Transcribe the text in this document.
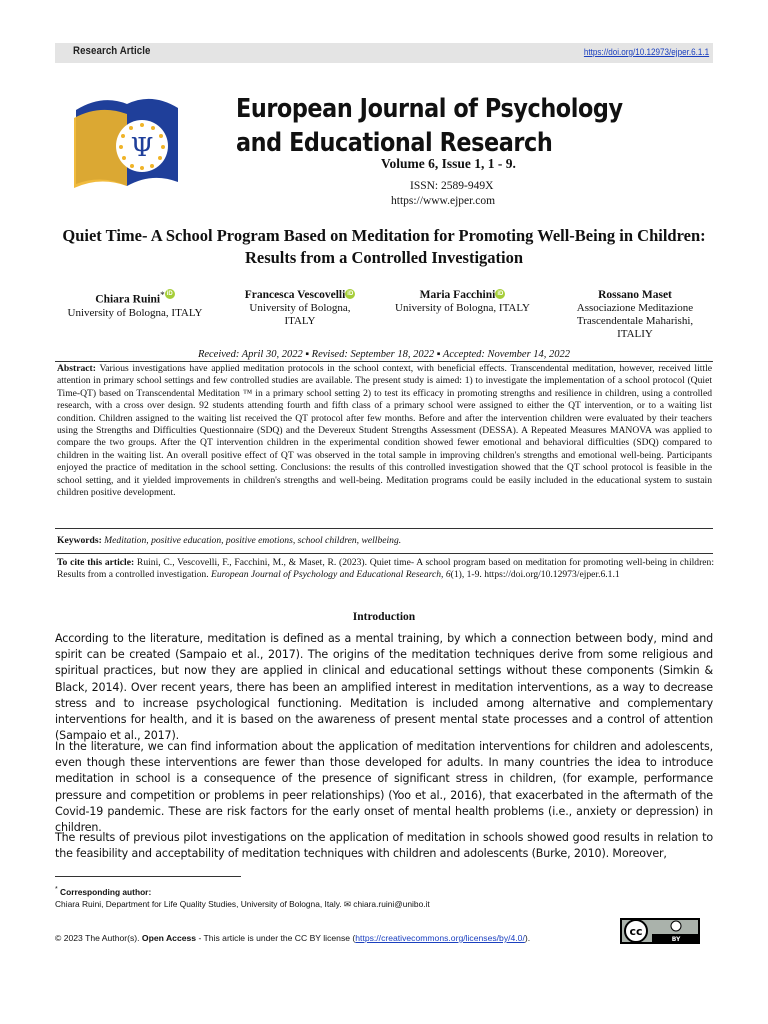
Research Article	https://doi.org/10.12973/ejper.6.1.1
Ψ
European Journal of Psychology and Educational Research
Volume 6, Issue 1, 1 - 9.
ISSN: 2589-949X
https://www.ejper.com
Quiet Time- A School Program Based on Meditation for Promoting Well-Being in Children: Results from a Controlled Investigation
Chiara Ruini* iD
University of Bologna, ITALY
Francesca Vescovelli iD
University of Bologna, ITALY
Maria Facchini iD
University of Bologna, ITALY
Rossano Maset
Associazione Meditazione Trascendentale Maharishi, ITALIY
Received: April 30, 2022 ▪ Revised: September 18, 2022 ▪ Accepted: November 14, 2022
Abstract: Various investigations have applied meditation protocols in the school context, with beneficial effects. Transcendental meditation, however, received little attention in primary school settings and few controlled studies are available. The present study is aimed: 1) to investigate the implementation of a school protocol (Quiet Time-QT) based on Transcendental Meditation ™ in a primary school setting 2) to test its efficacy in promoting strengths and resilience in children, using a controlled research, with a cross over design. 92 students attending fourth and fifth class of a primary school were assigned to either the QT intervention, or to a waiting list condition. Children assigned to the waiting list received the QT protocol after few months. Before and after the intervention children were evaluated by their teachers using the Strengths and Difficulties Questionnaire (SDQ) and the Devereux Student Strengths Assessment (DESSA). A Repeated Measures MANOVA was applied to compare the two groups. After the QT intervention children in the experimental condition showed fewer emotional and behavioral difficulties (SDQ) compared to children in the waiting list. An overall positive effect of QT was observed in the total sample in improving children's strengths and emotional well-being. Participants enjoyed the practice of meditation in the school setting. Conclusions: the results of this controlled investigation showed that the QT school protocol is feasible in the school setting, and it yielded improvements in children's strengths and well-being. Meditation programs could be easily included in the educational system to sustain children positive development.
Keywords: Meditation, positive education, positive emotions, school children, wellbeing.
To cite this article: Ruini, C., Vescovelli, F., Facchini, M., & Maset, R. (2023). Quiet time- A school program based on meditation for promoting well-being in children: Results from a controlled investigation. European Journal of Psychology and Educational Research, 6(1), 1-9. https://doi.org/10.12973/ejper.6.1.1
Introduction
According to the literature, meditation is defined as a mental training, by which a connection between body, mind and spirit can be created (Sampaio et al., 2017). The origins of the meditation techniques derive from some religious and spiritual practices, but now they are applied in clinical and educational settings without these components (Simkin & Black, 2014). Over recent years, there has been an amplified interest in meditation interventions, as a way to decrease stress and to increase psychological functioning. Meditation is included among alternative and complementary interventions for health, and it is based on the awareness of present mental state processes and a control of attention (Sampaio et al., 2017).
In the literature, we can find information about the application of meditation interventions for children and adolescents, even though these interventions are fewer than those developed for adults. In many countries the idea to introduce meditation in school is a consequence of the presence of significant stress in children, (for example, performance pressure and competition or problems in peer relationships) (Yoo et al., 2016), that exacerbated in the aftermath of the Covid-19 pandemic. These are risk factors for the early onset of mental health problems (i.e., anxiety or depression) in children.
The results of previous pilot investigations on the application of meditation in schools showed good results in relation to the feasibility and acceptability of meditation techniques with children and adolescents (Burke, 2010). Moreover,
* Corresponding author:
Chiara Ruini, Department for Life Quality Studies, University of Bologna, Italy. ✉ chiara.ruini@unibo.it
© 2023 The Author(s). Open Access - This article is under the CC BY license (https://creativecommons.org/licenses/by/4.0/).	cc
BY
